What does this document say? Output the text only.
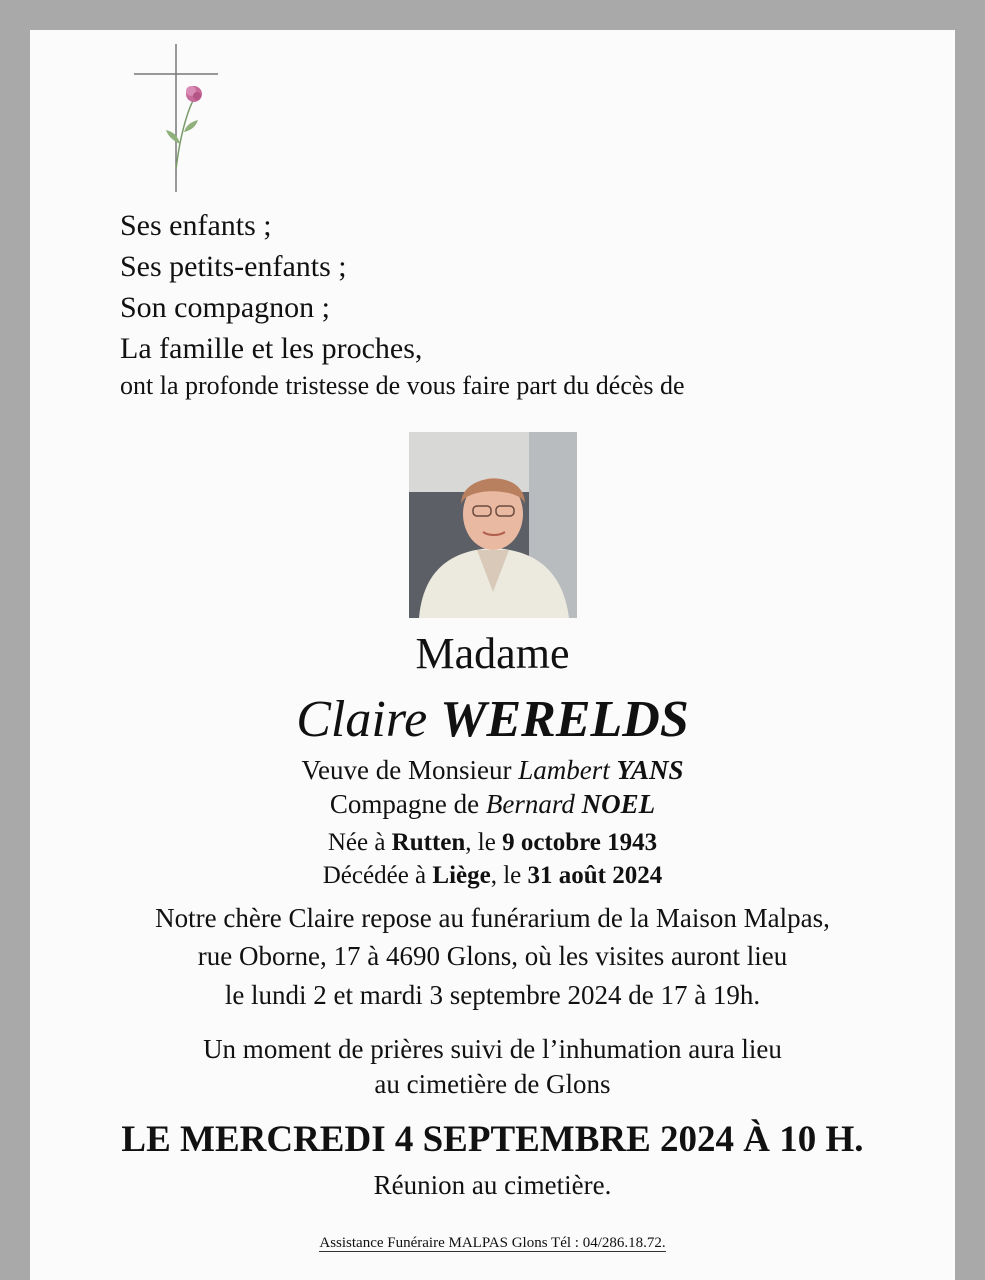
Ses enfants ;
Ses petits-enfants ;
Son compagnon ;
La famille et les proches,
ont la profonde tristesse de vous faire part du décès de
Madame
Claire WERELDS
Veuve de Monsieur Lambert YANS
Compagne de Bernard NOEL
Née à Rutten, le 9 octobre 1943
Décédée à Liège, le 31 août 2024
Notre chère Claire repose au funérarium de la Maison Malpas,
rue Oborne, 17 à 4690 Glons, où les visites auront lieu
le lundi 2 et mardi 3 septembre 2024 de 17 à 19h.
Un moment de prières suivi de l’inhumation aura lieu
au cimetière de Glons
LE MERCREDI 4 SEPTEMBRE 2024 À 10 H.
Réunion au cimetière.
Assistance Funéraire MALPAS Glons Tél : 04/286.18.72.
